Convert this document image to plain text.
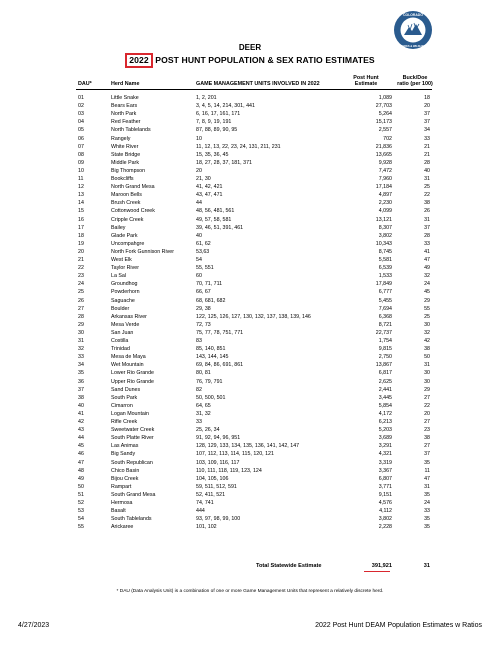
COLORADO
PARKS & WILDLIFE
DEER
2022 POST HUNT POPULATION & SEX RATIO ESTIMATES
DAU*	Herd Name	GAME MANAGEMENT UNITS INVOLVED IN 2022
Post Hunt
Estimate
Buck/Doe
ratio (per 100)
01	Little Snake	1, 2, 201	1,089	18
02	Bears Ears	3, 4, 5, 14, 214, 301, 441	27,703	20
03	North Park	6, 16, 17, 161, 171	5,264	37
04	Red Feather	7, 8, 9, 19, 191	15,173	37
05	North Tablelands	87, 88, 89, 90, 95	2,557	34
06	Rangely	10	702	33
07	White River	11, 12, 13, 22, 23, 24, 131, 211, 231	21,836	21
08	State Bridge	15, 35, 36, 45	13,665	21
09	Middle Park	18, 27, 28, 37, 181, 371	9,928	28
10	Big Thompson	20	7,472	40
11	Bookcliffs	21, 30	7,960	31
12	North Grand Mesa	41, 42, 421	17,184	25
13	Maroon Bells	43, 47, 471	4,897	22
14	Brush Creek	44	2,230	38
15	Cottonwood Creek	48, 56, 481, 561	4,099	26
16	Cripple Creek	49, 57, 58, 581	13,121	31
17	Bailey	39, 46, 51, 391, 461	8,307	37
18	Glade Park	40	3,802	28
19	Uncompahgre	61, 62	10,343	33
20	North Fork Gunnison River	53,63	8,745	41
21	West Elk	54	5,581	47
22	Taylor River	55, 551	6,539	49
23	La Sal	60	1,533	32
24	Groundhog	70, 71, 711	17,849	24
25	Powderhorn	66, 67	6,777	45
26	Saguache	68, 681, 682	5,455	29
27	Boulder	29, 38	7,694	55
28	Arkansas River	122, 125, 126, 127, 130, 132, 137, 138, 139, 146	6,368	25
29	Mesa Verde	72, 73	8,721	30
30	San Juan	75, 77, 78, 751, 771	22,737	32
31	Costilla	83	1,754	42
32	Trinidad	85, 140, 851	9,815	38
33	Mesa de Maya	143, 144, 145	2,750	50
34	Wet Mountain	69, 84, 86, 691, 861	13,867	31
35	Lower Rio Grande	80, 81	6,817	30
36	Upper Rio Grande	76, 79, 791	2,625	30
37	Sand Dunes	82	2,441	29
38	South Park	50, 500, 501	3,445	27
40	Cimarron	64, 65	5,854	22
41	Logan Mountain	31, 32	4,172	20
42	Rifle Creek	33	6,213	27
43	Sweetwater Creek	25, 26, 34	5,203	23
44	South Platte River	91, 92, 94, 96, 951	3,689	38
45	Las Animas	128, 129, 133, 134, 135, 136, 141, 142, 147	3,291	27
46	Big Sandy	107, 112, 113, 114, 115, 120, 121	4,321	37
47	South Republican	103, 109, 116, 117	3,319	35
48	Chico Basin	110, 111, 118, 119, 123, 124	3,367	11
49	Bijou Creek	104, 105, 106	6,807	47
50	Rampart	59, 511, 512, 591	3,771	31
51	South Grand Mesa	52, 411, 521	9,151	35
52	Hermosa	74, 741	4,576	24
53	Basalt	444	4,112	33
54	South Tablelands	93, 97, 98, 99, 100	3,802	35
55	Arickaree	101, 102	2,228	35
Total Statewide Estimate	391,921	31
* DAU (Data Analysis Unit) is a combination of one or more Game Management Units that represent a relatively discrete herd.
4/27/2023	2022 Post Hunt DEAM Population Estimates w Ratios
